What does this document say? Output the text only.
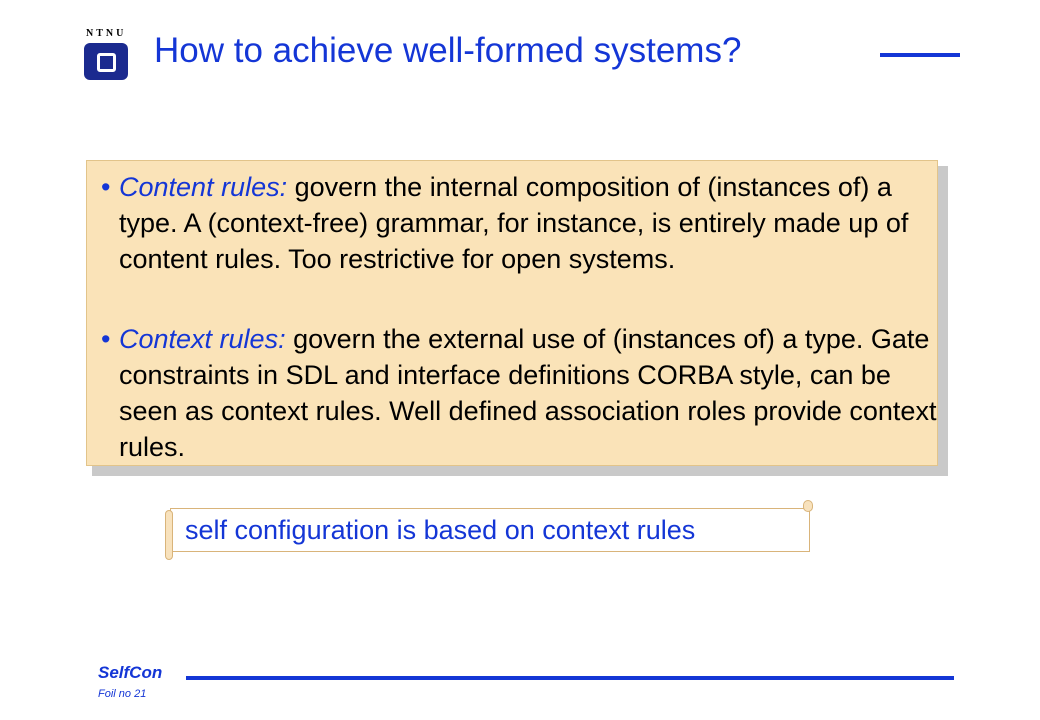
NTNU How to achieve well-formed systems?
• Content rules: govern the internal composition of (instances of) a type. A (context-free) grammar, for instance, is entirely made up of content rules. Too restrictive for open systems.
• Context rules: govern the external use of (instances of) a type. Gate constraints in SDL and interface definitions CORBA style, can be seen as context rules. Well defined association roles provide context rules.
self configuration is based on context rules
SelfCon
Foil no 21
